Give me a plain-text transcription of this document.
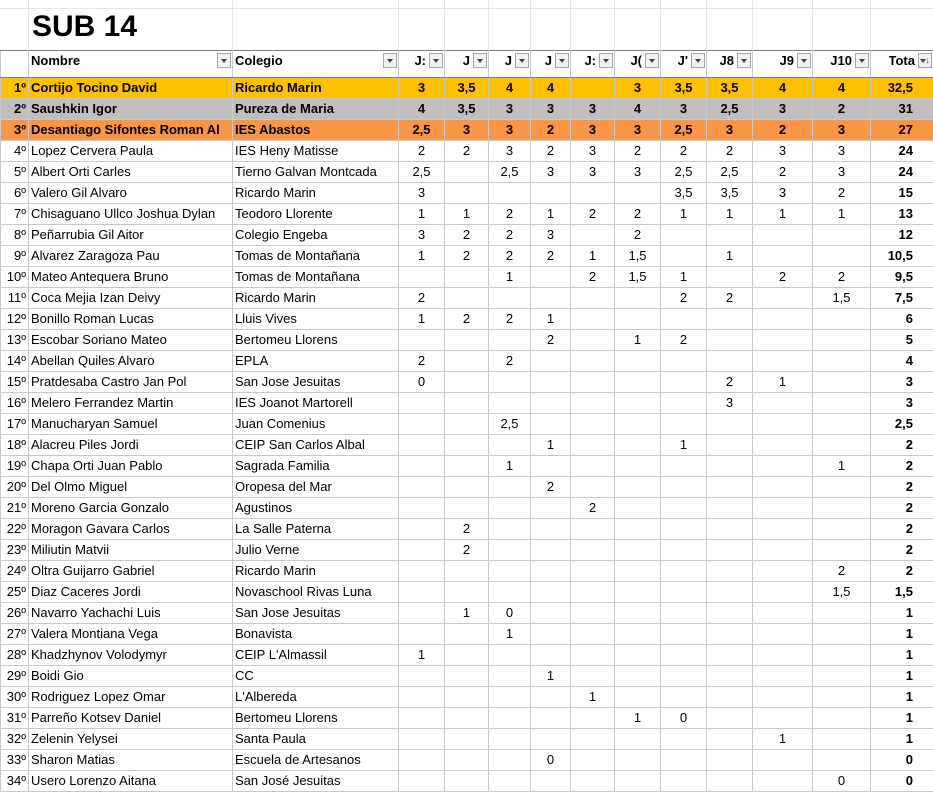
SUB 14
	Nombre	Colegio	J:	J	J	J	J:	J(	J'	J8	J9	J10	Tota ↓

1º	Cortijo Tocino David	Ricardo Marin	3	3,5	4	4		3	3,5	3,5	4	4	32,5
2º	Saushkin Igor	Pureza de Maria	4	3,5	3	3	3	4	3	2,5	3	2	31
3º	Desantiago Sifontes Roman Al	IES Abastos	2,5	3	3	2	3	3	2,5	3	2	3	27
4º	Lopez Cervera Paula	IES Heny Matisse	2	2	3	2	3	2	2	2	3	3	24
5º	Albert Orti Carles	Tierno Galvan Montcada	2,5		2,5	3	3	3	2,5	2,5	2	3	24
6º	Valero Gil Alvaro	Ricardo Marin	3						3,5	3,5	3	2	15
7º	Chisaguano Ullco Joshua Dylan	Teodoro Llorente	1	1	2	1	2	2	1	1	1	1	13
8º	Peñarrubia Gil Aitor	Colegio Engeba	3	2	2	3		2					12
9º	Alvarez Zaragoza Pau	Tomas de Montañana	1	2	2	2	1	1,5		1			10,5
10º	Mateo Antequera Bruno	Tomas de Montañana			1		2	1,5	1		2	2	9,5
11º	Coca Mejia Izan Deivy	Ricardo Marin	2						2	2		1,5	7,5
12º	Bonillo Roman Lucas	Lluis Vives	1	2	2	1							6
13º	Escobar Soriano Mateo	Bertomeu Llorens				2		1	2				5
14º	Abellan Quiles Alvaro	EPLA	2		2								4
15º	Pratdesaba Castro Jan Pol	San Jose Jesuitas	0							2	1		3
16º	Melero Ferrandez Martin	IES Joanot Martorell								3			3
17º	Manucharyan Samuel	Juan Comenius			2,5								2,5
18º	Alacreu Piles Jordi	CEIP San Carlos Albal				1			1				2
19º	Chapa Orti Juan Pablo	Sagrada Familia			1							1	2
20º	Del Olmo Miguel	Oropesa del Mar				2							2
21º	Moreno Garcia Gonzalo	Agustinos					2						2
22º	Moragon Gavara Carlos	La Salle Paterna		2									2
23º	Miliutin Matvii	Julio Verne		2									2
24º	Oltra Guijarro Gabriel	Ricardo Marin										2	2
25º	Diaz Caceres Jordi	Novaschool Rivas Luna										1,5	1,5
26º	Navarro Yachachi Luis	San Jose Jesuitas		1	0								1
27º	Valera Montiana Vega	Bonavista			1								1
28º	Khadzhynov Volodymyr	CEIP L'Almassil	1										1
29º	Boidi Gio	CC				1							1
30º	Rodriguez Lopez Omar	L'Albereda					1						1
31º	Parreño Kotsev Daniel	Bertomeu Llorens						1	0				1
32º	Zelenin Yelysei	Santa Paula									1		1
33º	Sharon Matias	Escuela de Artesanos				0							0
34º	Usero Lorenzo Aitana	San José Jesuitas										0	0
